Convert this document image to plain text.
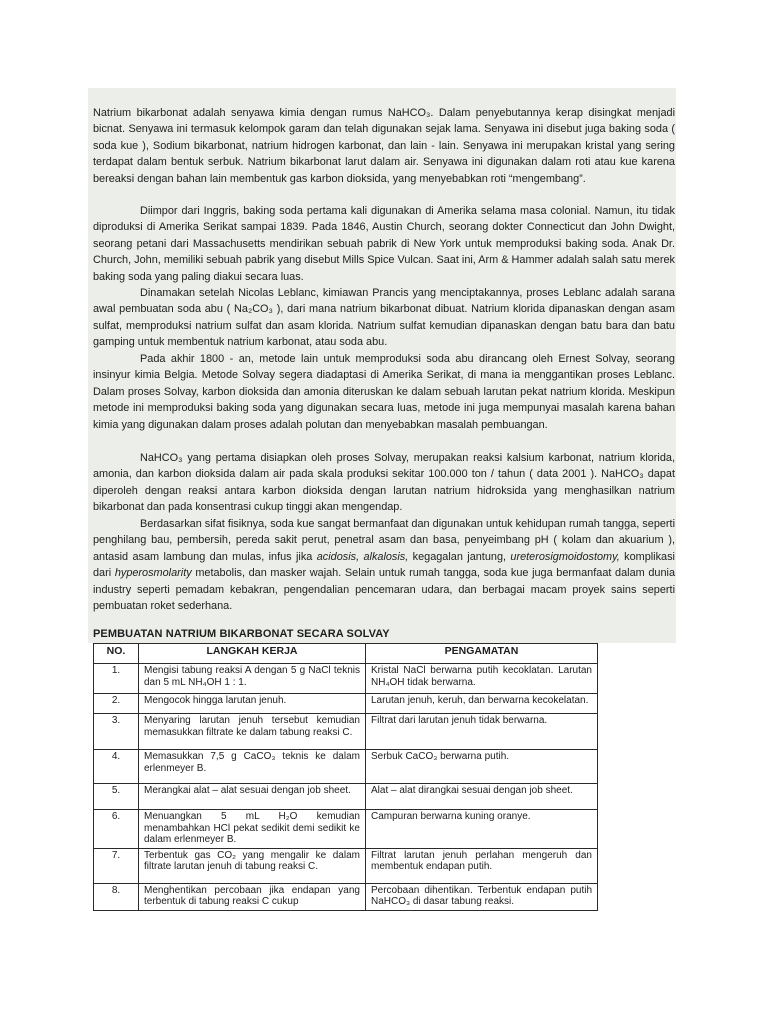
Natrium bikarbonat adalah senyawa kimia dengan rumus NaHCO₃. Dalam penyebutannya kerap disingkat menjadi bicnat. Senyawa ini termasuk kelompok garam dan telah digunakan sejak lama. Senyawa ini disebut juga baking soda ( soda kue ), Sodium bikarbonat, natrium hidrogen karbonat, dan lain - lain. Senyawa ini merupakan kristal yang sering terdapat dalam bentuk serbuk. Natrium bikarbonat larut dalam air. Senyawa ini digunakan dalam roti atau kue karena bereaksi dengan bahan lain membentuk gas karbon dioksida, yang menyebabkan roti “mengembang”.

Diimpor dari Inggris, baking soda pertama kali digunakan di Amerika selama masa colonial. Namun, itu tidak diproduksi di Amerika Serikat sampai 1839. Pada 1846, Austin Church, seorang dokter Connecticut dan John Dwight, seorang petani dari Massachusetts mendirikan sebuah pabrik di New York untuk memproduksi baking soda. Anak Dr. Church, John, memiliki sebuah pabrik yang disebut Mills Spice Vulcan. Saat ini, Arm & Hammer adalah salah satu merek baking soda yang paling diakui secara luas.

Dinamakan setelah Nicolas Leblanc, kimiawan Prancis yang menciptakannya, proses Leblanc adalah sarana awal pembuatan soda abu ( Na₂CO₃ ), dari mana natrium bikarbonat dibuat. Natrium klorida dipanaskan dengan asam sulfat, memproduksi natrium sulfat dan asam klorida. Natrium sulfat kemudian dipanaskan dengan batu bara dan batu gamping untuk membentuk natrium karbonat, atau soda abu.

Pada akhir 1800 - an, metode lain untuk memproduksi soda abu dirancang oleh Ernest Solvay, seorang insinyur kimia Belgia. Metode Solvay segera diadaptasi di Amerika Serikat, di mana ia menggantikan proses Leblanc. Dalam proses Solvay, karbon dioksida dan amonia diteruskan ke dalam sebuah larutan pekat natrium klorida. Meskipun metode ini memproduksi baking soda yang digunakan secara luas, metode ini juga mempunyai masalah karena bahan kimia yang digunakan dalam proses adalah polutan dan menyebabkan masalah pembuangan.

NaHCO₃ yang pertama disiapkan oleh proses Solvay, merupakan reaksi kalsium karbonat, natrium klorida, amonia, dan karbon dioksida dalam air pada skala produksi sekitar 100.000 ton / tahun ( data 2001 ). NaHCO₃ dapat diperoleh dengan reaksi antara karbon dioksida dengan larutan natrium hidroksida yang menghasilkan natrium bikarbonat dan pada konsentrasi cukup tinggi akan mengendap.

Berdasarkan sifat fisiknya, soda kue sangat bermanfaat dan digunakan untuk kehidupan rumah tangga, seperti penghilang bau, pembersih, pereda sakit perut, penetral asam dan basa, penyeimbang pH ( kolam dan akuarium ), antasid asam lambung dan mulas, infus jika acidosis, alkalosis, kegagalan jantung, ureterosigmoidostomy, komplikasi dari hyperosmolarity metabolis, dan masker wajah. Selain untuk rumah tangga, soda kue juga bermanfaat dalam dunia industry seperti pemadam kebakran, pengendalian pencemaran udara, dan berbagai macam proyek sains seperti pembuatan roket sederhana.

PEMBUATAN NATRIUM BIKARBONAT SECARA SOLVAY

NO.	LANGKAH KERJA	PENGAMATAN
1.	Mengisi tabung reaksi A dengan 5 g NaCl teknis dan 5 mL NH₄OH 1 : 1.	Kristal NaCl berwarna putih kecoklatan. Larutan NH₄OH tidak berwarna.
2.	Mengocok hingga larutan jenuh.	Larutan jenuh, keruh, dan berwarna kecokelatan.
3.	Menyaring larutan jenuh tersebut kemudian memasukkan filtrate ke dalam tabung reaksi C.	Filtrat dari larutan jenuh tidak berwarna.
4.	Memasukkan 7,5 g CaCO₃ teknis ke dalam erlenmeyer B.	Serbuk CaCO₃ berwarna putih.
5.	Merangkai alat – alat sesuai dengan job sheet.	Alat – alat dirangkai sesuai dengan job sheet.
6.	Menuangkan 5 mL H₂O kemudian menambahkan HCl pekat sedikit demi sedikit ke dalam erlenmeyer B.	Campuran berwarna kuning oranye.
7.	Terbentuk gas CO₂ yang mengalir ke dalam filtrate larutan jenuh di tabung reaksi C.	Filtrat larutan jenuh perlahan mengeruh dan membentuk endapan putih.
8.	Menghentikan percobaan jika endapan yang terbentuk di tabung reaksi C cukup	Percobaan dihentikan. Terbentuk endapan putih NaHCO₃ di dasar tabung reaksi.
